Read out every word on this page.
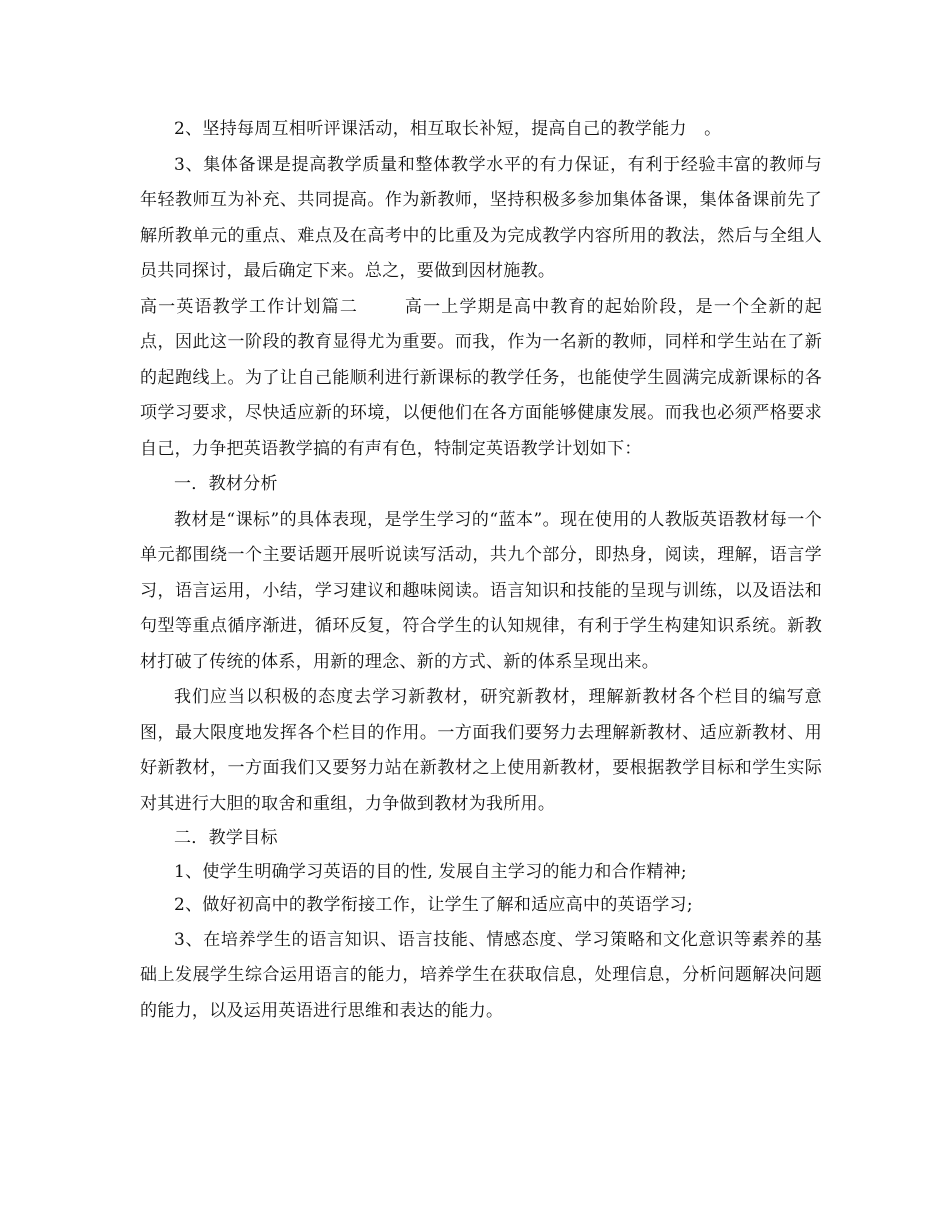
2、坚持每周互相听评课活动，相互取长补短，提高自己的教学能力　。

3、集体备课是提高教学质量和整体教学水平的有力保证，有利于经验丰富的教师与年轻教师互为补充、共同提高。作为新教师，坚持积极多参加集体备课，集体备课前先了解所教单元的重点、难点及在高考中的比重及为完成教学内容所用的教法，然后与全组人员共同探讨，最后确定下来。总之，要做到因材施教。

高一英语教学工作计划篇二	高一上学期是高中教育的起始阶段，是一个全新的起点，因此这一阶段的教育显得尤为重要。而我，作为一名新的教师，同样和学生站在了新的起跑线上。为了让自己能顺利进行新课标的教学任务，也能使学生圆满完成新课标的各项学习要求，尽快适应新的环境，以便他们在各方面能够健康发展。而我也必须严格要求自己，力争把英语教学搞的有声有色，特制定英语教学计划如下：

一．教材分析

教材是“课标”的具体表现，是学生学习的“蓝本”。现在使用的人教版英语教材每一个单元都围绕一个主要话题开展听说读写活动，共九个部分，即热身，阅读，理解，语言学习，语言运用，小结，学习建议和趣味阅读。语言知识和技能的呈现与训练，以及语法和句型等重点循序渐进，循环反复，符合学生的认知规律，有利于学生构建知识系统。新教材打破了传统的体系，用新的理念、新的方式、新的体系呈现出来。

我们应当以积极的态度去学习新教材，研究新教材，理解新教材各个栏目的编写意图，最大限度地发挥各个栏目的作用。一方面我们要努力去理解新教材、适应新教材、用好新教材，一方面我们又要努力站在新教材之上使用新教材，要根据教学目标和学生实际对其进行大胆的取舍和重组，力争做到教材为我所用。

二．教学目标

1、使学生明确学习英语的目的性, 发展自主学习的能力和合作精神;

2、做好初高中的教学衔接工作，让学生了解和适应高中的英语学习;

3、在培养学生的语言知识、语言技能、情感态度、学习策略和文化意识等素养的基础上发展学生综合运用语言的能力，培养学生在获取信息，处理信息，分析问题解决问题的能力，以及运用英语进行思维和表达的能力。
